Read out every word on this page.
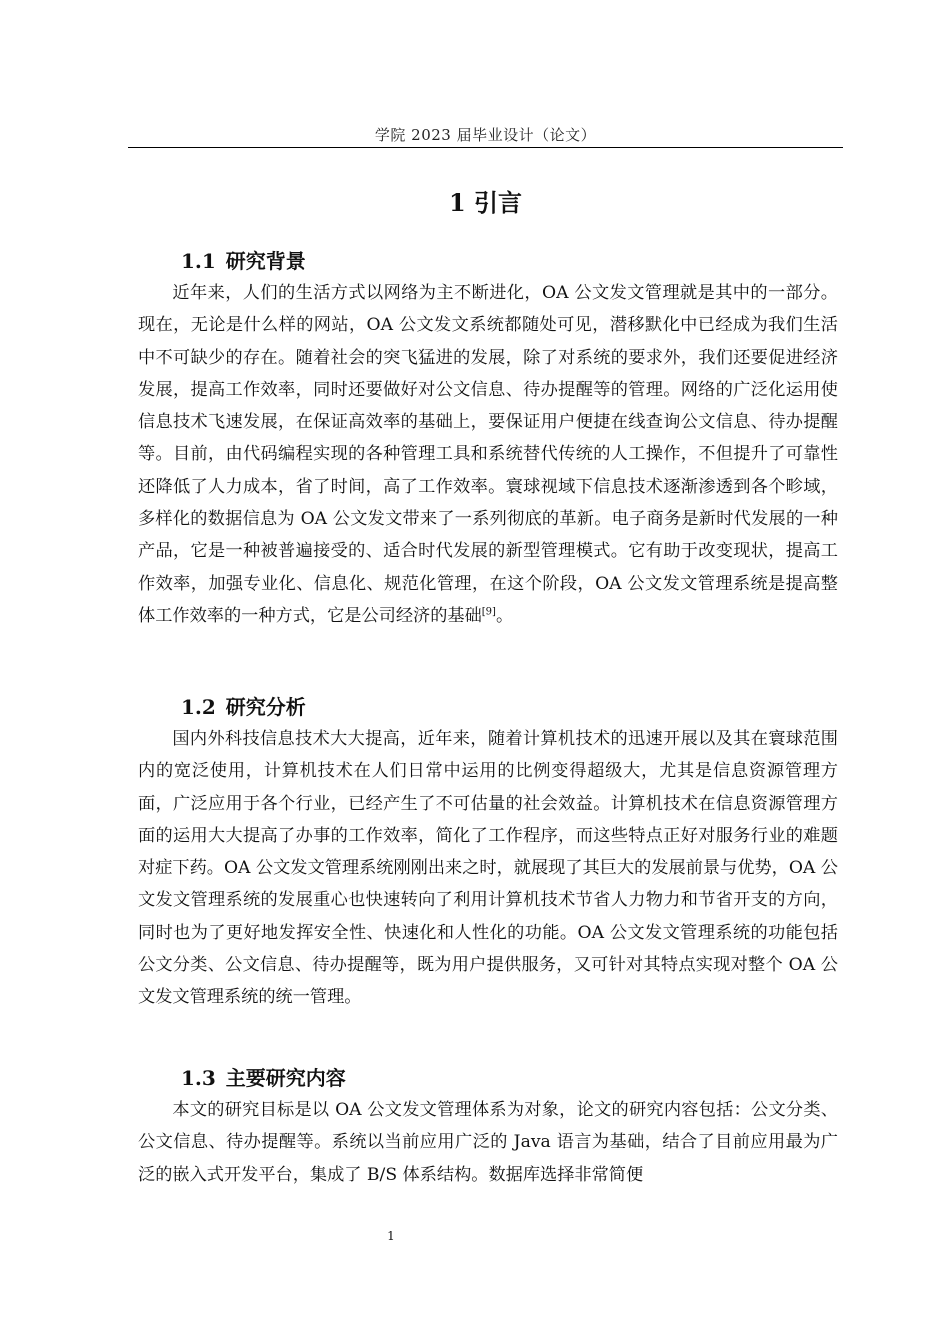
学院 2023 届毕业设计（论文）
1 引言
1.1 研究背景

近年来，人们的生活方式以网络为主不断进化，OA 公文发文管理就是其中的一部分。现在，无论是什么样的网站，OA 公文发文系统都随处可见，潜移默化中已经成为我们生活中不可缺少的存在。随着社会的突飞猛进的发展，除了对系统的要求外，我们还要促进经济发展，提高工作效率，同时还要做好对公文信息、待办提醒等的管理。网络的广泛化运用使信息技术飞速发展，在保证高效率的基础上，要保证用户便捷在线查询公文信息、待办提醒等。目前，由代码编程实现的各种管理工具和系统替代传统的人工操作，不但提升了可靠性还降低了人力成本，省了时间，高了工作效率。寰球视域下信息技术逐渐渗透到各个畛域，多样化的数据信息为 OA 公文发文带来了一系列彻底的革新。电子商务是新时代发展的一种产品，它是一种被普遍接受的、适合时代发展的新型管理模式。它有助于改变现状，提高工作效率，加强专业化、信息化、规范化管理，在这个阶段，OA 公文发文管理系统是提高整体工作效率的一种方式，它是公司经济的基础[9]。

1.2 研究分析

国内外科技信息技术大大提高，近年来，随着计算机技术的迅速开展以及其在寰球范围内的宽泛使用，计算机技术在人们日常中运用的比例变得超级大，尤其是信息资源管理方面，广泛应用于各个行业，已经产生了不可估量的社会效益。计算机技术在信息资源管理方面的运用大大提高了办事的工作效率，简化了工作程序，而这些特点正好对服务行业的难题对症下药。OA 公文发文管理系统刚刚出来之时，就展现了其巨大的发展前景与优势，OA 公文发文管理系统的发展重心也快速转向了利用计算机技术节省人力物力和节省开支的方向，同时也为了更好地发挥安全性、快速化和人性化的功能。OA 公文发文管理系统的功能包括公文分类、公文信息、待办提醒等，既为用户提供服务，又可针对其特点实现对整个 OA 公文发文管理系统的统一管理。

1.3 主要研究内容

本文的研究目标是以 OA 公文发文管理体系为对象，论文的研究内容包括：公文分类、公文信息、待办提醒等。系统以当前应用广泛的 Java 语言为基础，结合了目前应用最为广泛的嵌入式开发平台，集成了 B/S 体系结构。数据库选择非常简便

1
